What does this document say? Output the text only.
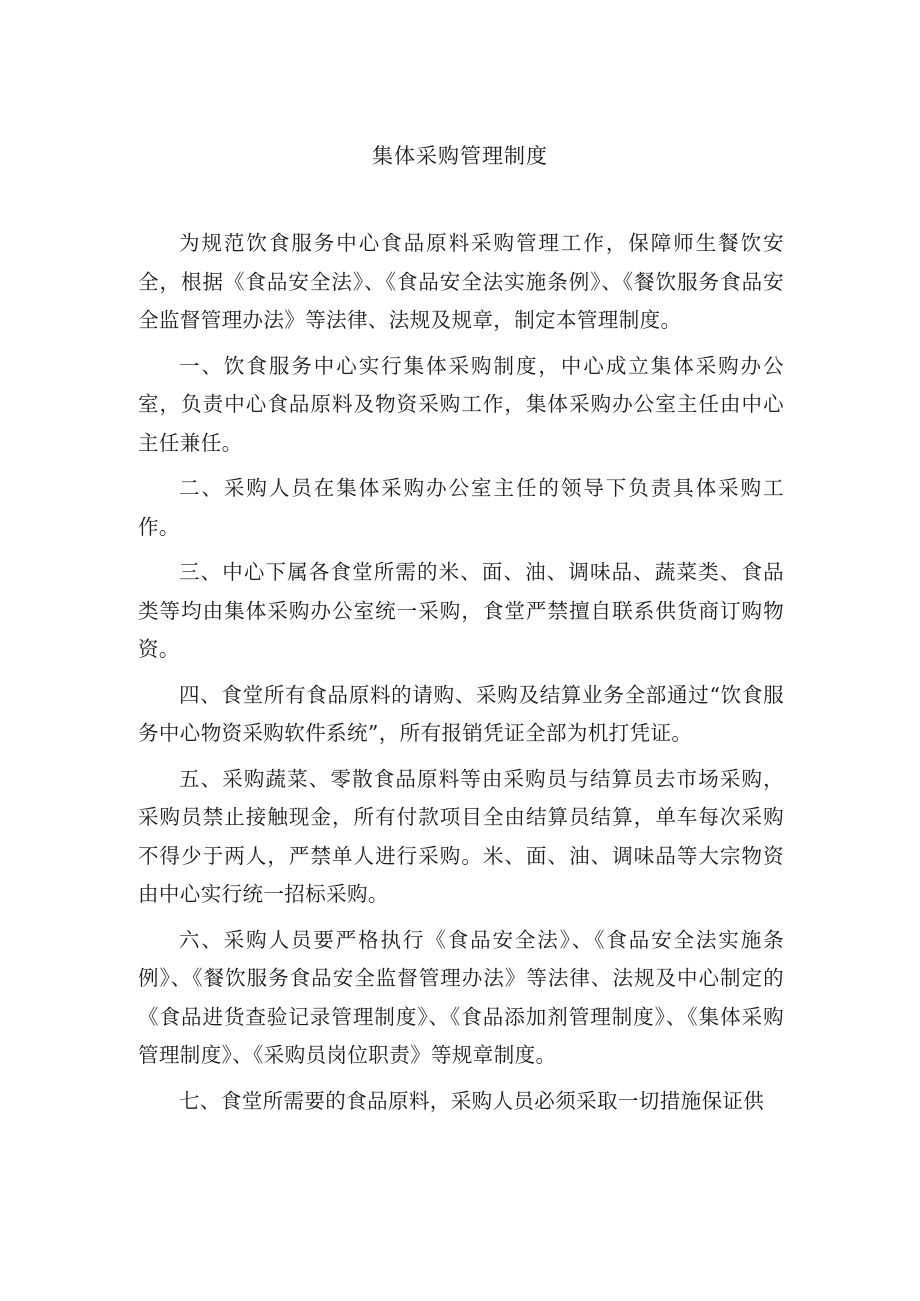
集体采购管理制度

为规范饮食服务中心食品原料采购管理工作，保障师生餐饮安全，根据《食品安全法》、《食品安全法实施条例》、《餐饮服务食品安全监督管理办法》等法律、法规及规章，制定本管理制度。

一、饮食服务中心实行集体采购制度，中心成立集体采购办公室，负责中心食品原料及物资采购工作，集体采购办公室主任由中心主任兼任。

二、采购人员在集体采购办公室主任的领导下负责具体采购工作。

三、中心下属各食堂所需的米、面、油、调味品、蔬菜类、食品类等均由集体采购办公室统一采购，食堂严禁擅自联系供货商订购物资。

四、食堂所有食品原料的请购、采购及结算业务全部通过“饮食服务中心物资采购软件系统”，所有报销凭证全部为机打凭证。

五、采购蔬菜、零散食品原料等由采购员与结算员去市场采购，采购员禁止接触现金，所有付款项目全由结算员结算，单车每次采购不得少于两人，严禁单人进行采购。米、面、油、调味品等大宗物资由中心实行统一招标采购。

六、采购人员要严格执行《食品安全法》、《食品安全法实施条例》、《餐饮服务食品安全监督管理办法》等法律、法规及中心制定的《食品进货查验记录管理制度》、《食品添加剂管理制度》、《集体采购管理制度》、《采购员岗位职责》等规章制度。

七、食堂所需要的食品原料，采购人员必须采取一切措施保证供
